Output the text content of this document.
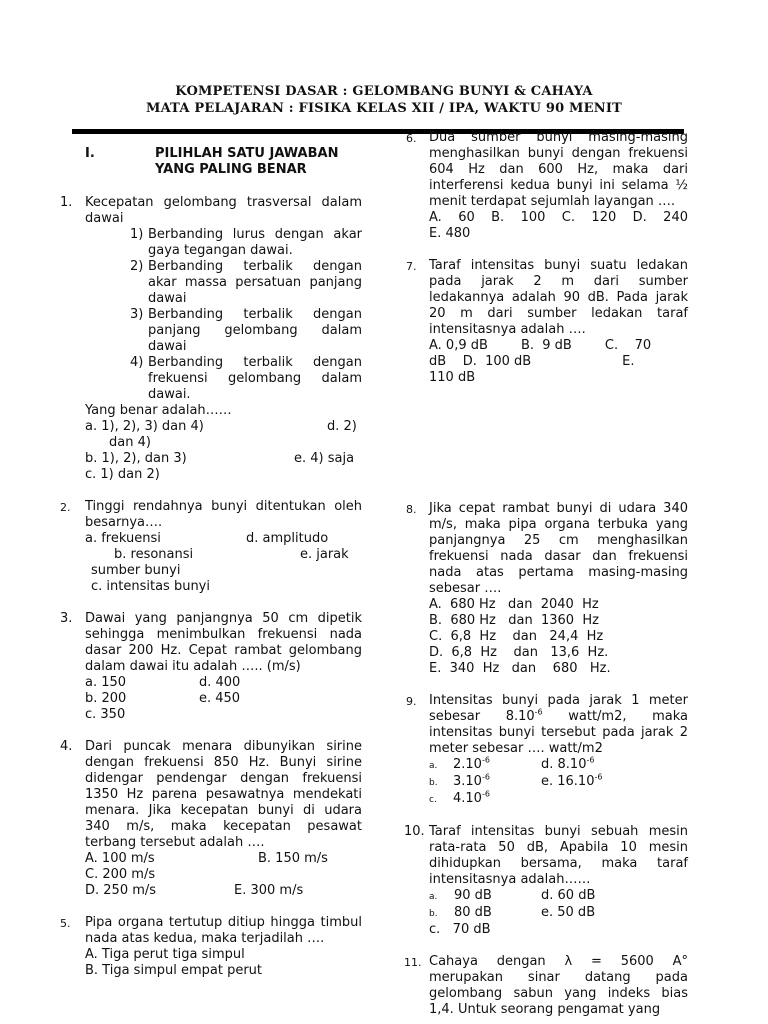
KOMPETENSI DASAR : GELOMBANG BUNYI & CAHAYA
MATA PELAJARAN : FISIKA KELAS XII / IPA, WAKTU 90 MENIT
I.	PILIHLAH SATU JAWABAN
YANG PALING BENAR
1. Kecepatan gelombang trasversal dalam dawai
1) Berbanding lurus dengan akar gaya tegangan dawai.
2) Berbanding terbalik dengan akar massa persatuan panjang dawai
3) Berbanding terbalik dengan panjang gelombang dalam dawai
4) Berbanding terbalik dengan frekuensi gelombang dalam dawai.
Yang benar adalah……
a. 1), 2), 3) dan 4)	d. 2)
dan 4)
b. 1), 2), dan 3)	e. 4) saja
c. 1) dan 2)
2. Tinggi rendahnya bunyi ditentukan oleh besarnya….
a. frekuensi	d. amplitudo
b. resonansi	e. jarak
sumber bunyi
c. intensitas bunyi
3. Dawai yang panjangnya 50 cm dipetik sehingga menimbulkan frekuensi nada dasar 200 Hz. Cepat rambat gelombang dalam dawai itu adalah ….. (m/s)
a. 150	d. 400
b. 200	e. 450
c. 350
4. Dari puncak menara dibunyikan sirine dengan frekuensi 850 Hz. Bunyi sirine didengar pendengar dengan frekuensi 1350 Hz parena pesawatnya mendekati menara. Jika kecepatan bunyi di udara 340 m/s, maka kecepatan pesawat terbang tersebut adalah ….
A. 100 m/s	B. 150 m/s
C. 200 m/s
D. 250 m/s	E. 300 m/s
5. Pipa organa tertutup ditiup hingga timbul nada atas kedua, maka terjadilah ….
A. Tiga perut tiga simpul
B. Tiga simpul empat perut
6. Dua sumber bunyi masing-masing menghasilkan bunyi dengan frekuensi 604 Hz dan 600 Hz, maka dari interferensi kedua bunyi ini selama ½ menit terdapat sejumlah layangan ….
A. 60 B. 100 C. 120 D. 240
E. 480
7. Taraf intensitas bunyi suatu ledakan pada jarak 2 m dari sumber ledakannya adalah 90 dB. Pada jarak 20 m dari sumber ledakan taraf intensitasnya adalah ….
A. 0,9 dB        B.  9 dB        C.    70
dB    D.  100 dB                      E.
110 dB
8. Jika cepat rambat bunyi di udara 340 m/s, maka pipa organa terbuka yang panjangnya 25 cm menghasilkan frekuensi nada dasar dan frekuensi nada atas pertama masing-masing sebesar ….
A.  680 Hz   dan  2040  Hz
B.  680 Hz   dan  1360  Hz
C.  6,8  Hz    dan   24,4  Hz
D.  6,8  Hz    dan   13,6  Hz.
E.  340  Hz   dan    680   Hz.
9. Intensitas bunyi pada jarak 1 meter sebesar $8.10^{-6}$ watt/m2, maka intensitas bunyi tersebut pada jarak 2 meter sebesar …. watt/m2
a. $2.10^{-6}$	d. $8.10^{-6}$
b. $3.10^{-6}$	e. $16.10^{-6}$
c. $4.10^{-6}$
10. Taraf intensitas bunyi sebuah mesin rata-rata 50 dB, Apabila 10 mesin dihidupkan bersama, maka taraf intensitasnya adalah……
a. 90 dB	d. 60 dB
b. 80 dB	e. 50 dB
c.   70 dB
11. Cahaya dengan λ = 5600 A° merupakan sinar datang pada gelombang sabun yang indeks bias 1,4. Untuk seorang pengamat yang
